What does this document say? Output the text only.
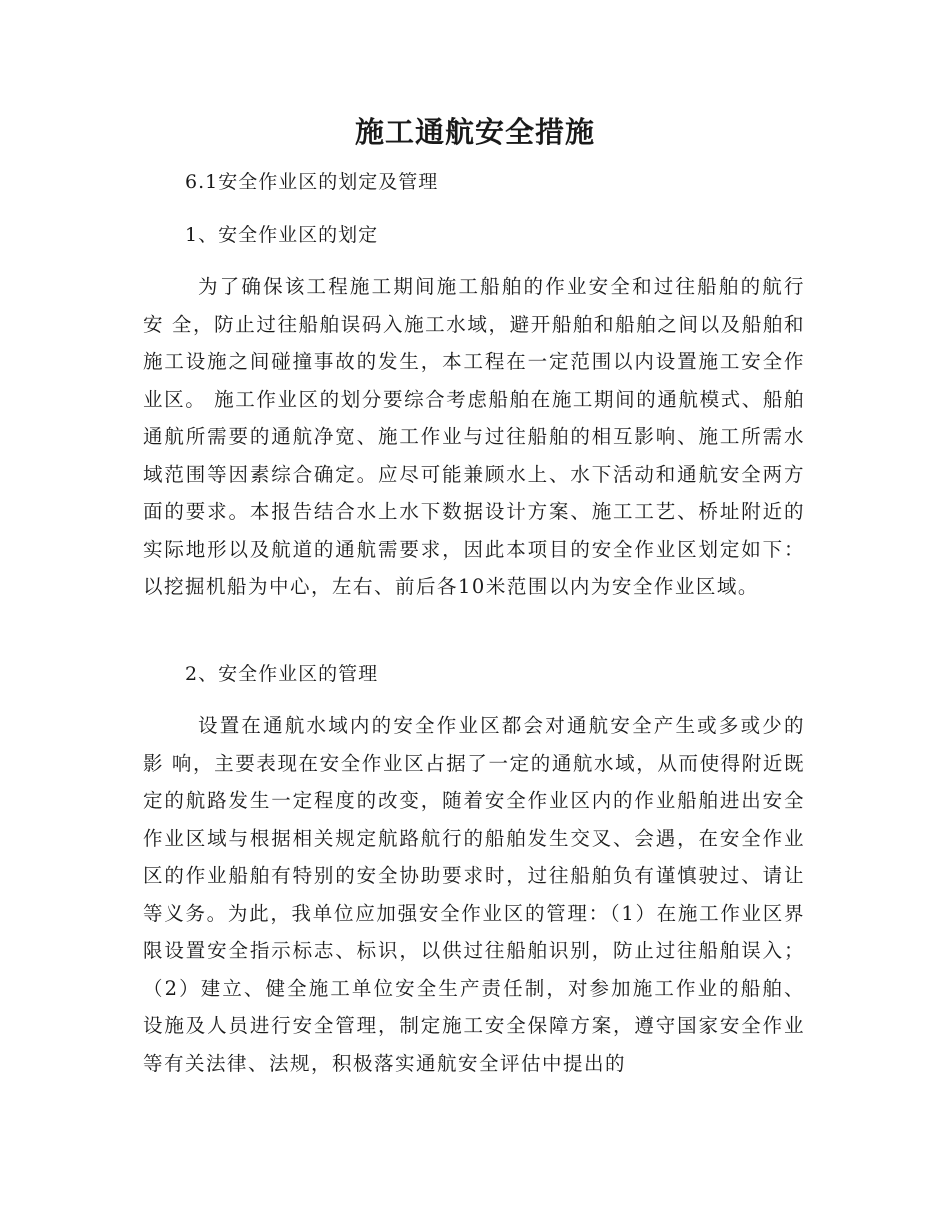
施工通航安全措施
6.1安全作业区的划定及管理
1、安全作业区的划定

为了确保该工程施工期间施工船舶的作业安全和过往船舶的航行安 全，防止过往船舶误码入施工水域，避开船舶和船舶之间以及船舶和施工设施之间碰撞事故的发生，本工程在一定范围以内设置施工安全作业区。 施工作业区的划分要综合考虑船舶在施工期间的通航模式、船舶通航所需要的通航净宽、施工作业与过往船舶的相互影响、施工所需水域范围等因素综合确定。应尽可能兼顾水上、水下活动和通航安全两方面的要求。本报告结合水上水下数据设计方案、施工工艺、桥址附近的实际地形以及航道的通航需要求，因此本项目的安全作业区划定如下：以挖掘机船为中心，左右、前后各10米范围以内为安全作业区域。

2、安全作业区的管理

设置在通航水域内的安全作业区都会对通航安全产生或多或少的影 响，主要表现在安全作业区占据了一定的通航水域，从而使得附近既定的航路发生一定程度的改变，随着安全作业区内的作业船舶进出安全作业区域与根据相关规定航路航行的船舶发生交叉、会遇，在安全作业区的作业船舶有特别的安全协助要求时，过往船舶负有谨慎驶过、请让等义务。为此，我单位应加强安全作业区的管理：（1）在施工作业区界限设置安全指示标志、标识，以供过往船舶识别，防止过往船舶误入；（2）建立、健全施工单位安全生产责任制，对参加施工作业的船舶、设施及人员进行安全管理，制定施工安全保障方案，遵守国家安全作业等有关法律、法规，积极落实通航安全评估中提出的
